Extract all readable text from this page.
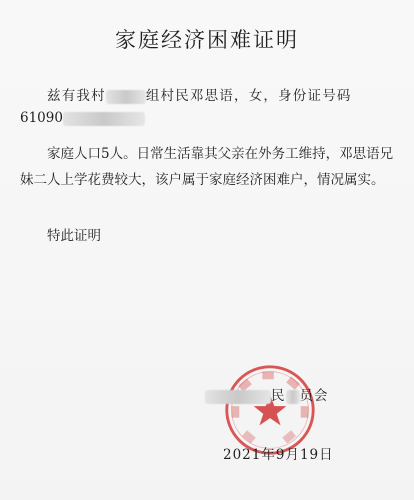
家庭经济困难证明
兹有我村	组村民邓思语，女，身份证号码
61090
家庭人口5人。日常生活靠其父亲在外务工维持，邓思语兄妹二人上学花费较大，该户属于家庭经济困难户，情况属实。
特此证明
民 员会
2021年9月19日
